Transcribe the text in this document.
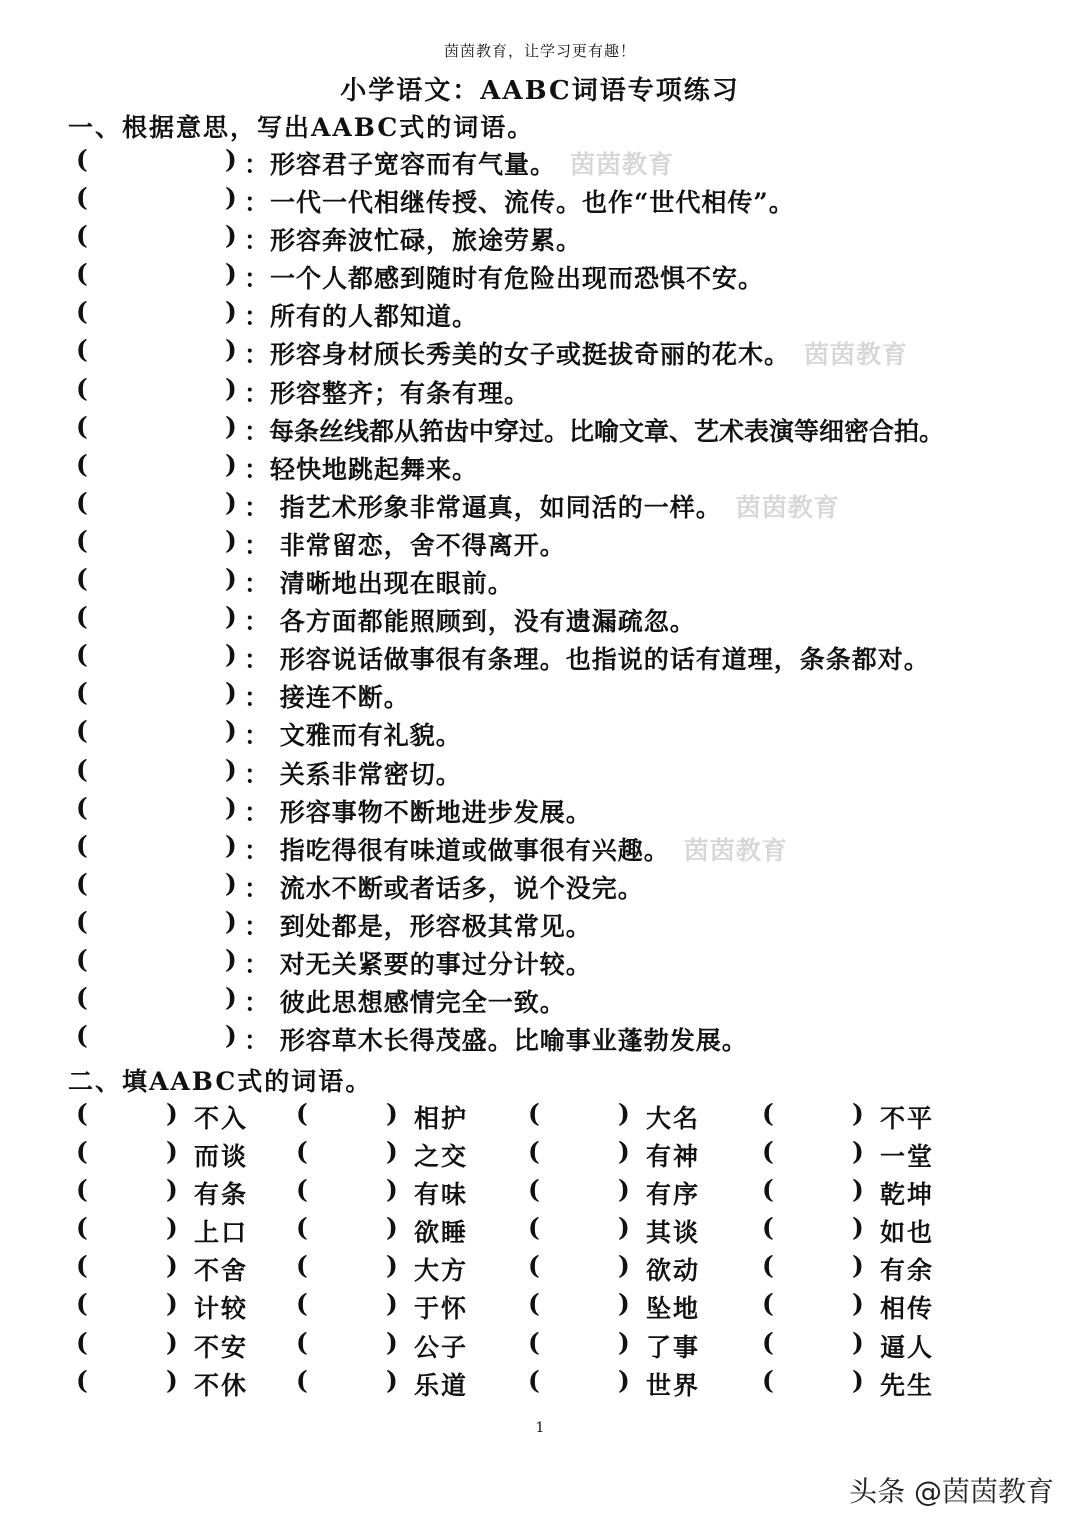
茵茵教育，让学习更有趣！
小学语文：AABC词语专项练习
一、根据意思，写出AABC式的词语。
(	) ：形容君子宽容而有气量。 茵茵教育
(	) ：一代一代相继传授、流传。也作“世代相传”。
(	) ：形容奔波忙碌，旅途劳累。
(	) ：一个人都感到随时有危险出现而恐惧不安。
(	) ：所有的人都知道。
(	) ：形容身材颀长秀美的女子或挺拔奇丽的花木。 茵茵教育
(	) ：形容整齐；有条有理。
(	) ：每条丝线都从筘齿中穿过。比喻文章、艺术表演等细密合拍。
(	) ：轻快地跳起舞来。
(	) ： 指艺术形象非常逼真，如同活的一样。 茵茵教育
(	) ： 非常留恋，舍不得离开。
(	) ： 清晰地出现在眼前。
(	) ： 各方面都能照顾到，没有遗漏疏忽。
(	) ： 形容说话做事很有条理。也指说的话有道理，条条都对。
(	) ： 接连不断。
(	) ： 文雅而有礼貌。
(	) ： 关系非常密切。
(	) ： 形容事物不断地进步发展。
(	) ： 指吃得很有味道或做事很有兴趣。 茵茵教育
(	) ： 流水不断或者话多，说个没完。
(	) ： 到处都是，形容极其常见。
(	) ： 对无关紧要的事过分计较。
(	) ： 彼此思想感情完全一致。
(	) ： 形容草木长得茂盛。比喻事业蓬勃发展。
二、填AABC式的词语。
(	) 不入 (	) 相护 (	) 大名 (	) 不平
(	) 而谈 (	) 之交 (	) 有神 (	) 一堂
(	) 有条 (	) 有味 (	) 有序 (	) 乾坤
(	) 上口 (	) 欲睡 (	) 其谈 (	) 如也
(	) 不舍 (	) 大方 (	) 欲动 (	) 有余
(	) 计较 (	) 于怀 (	) 坠地 (	) 相传
(	) 不安 (	) 公子 (	) 了事 (	) 逼人
(	) 不休 (	) 乐道 (	) 世界 (	) 先生
1
头条 @茵茵教育
